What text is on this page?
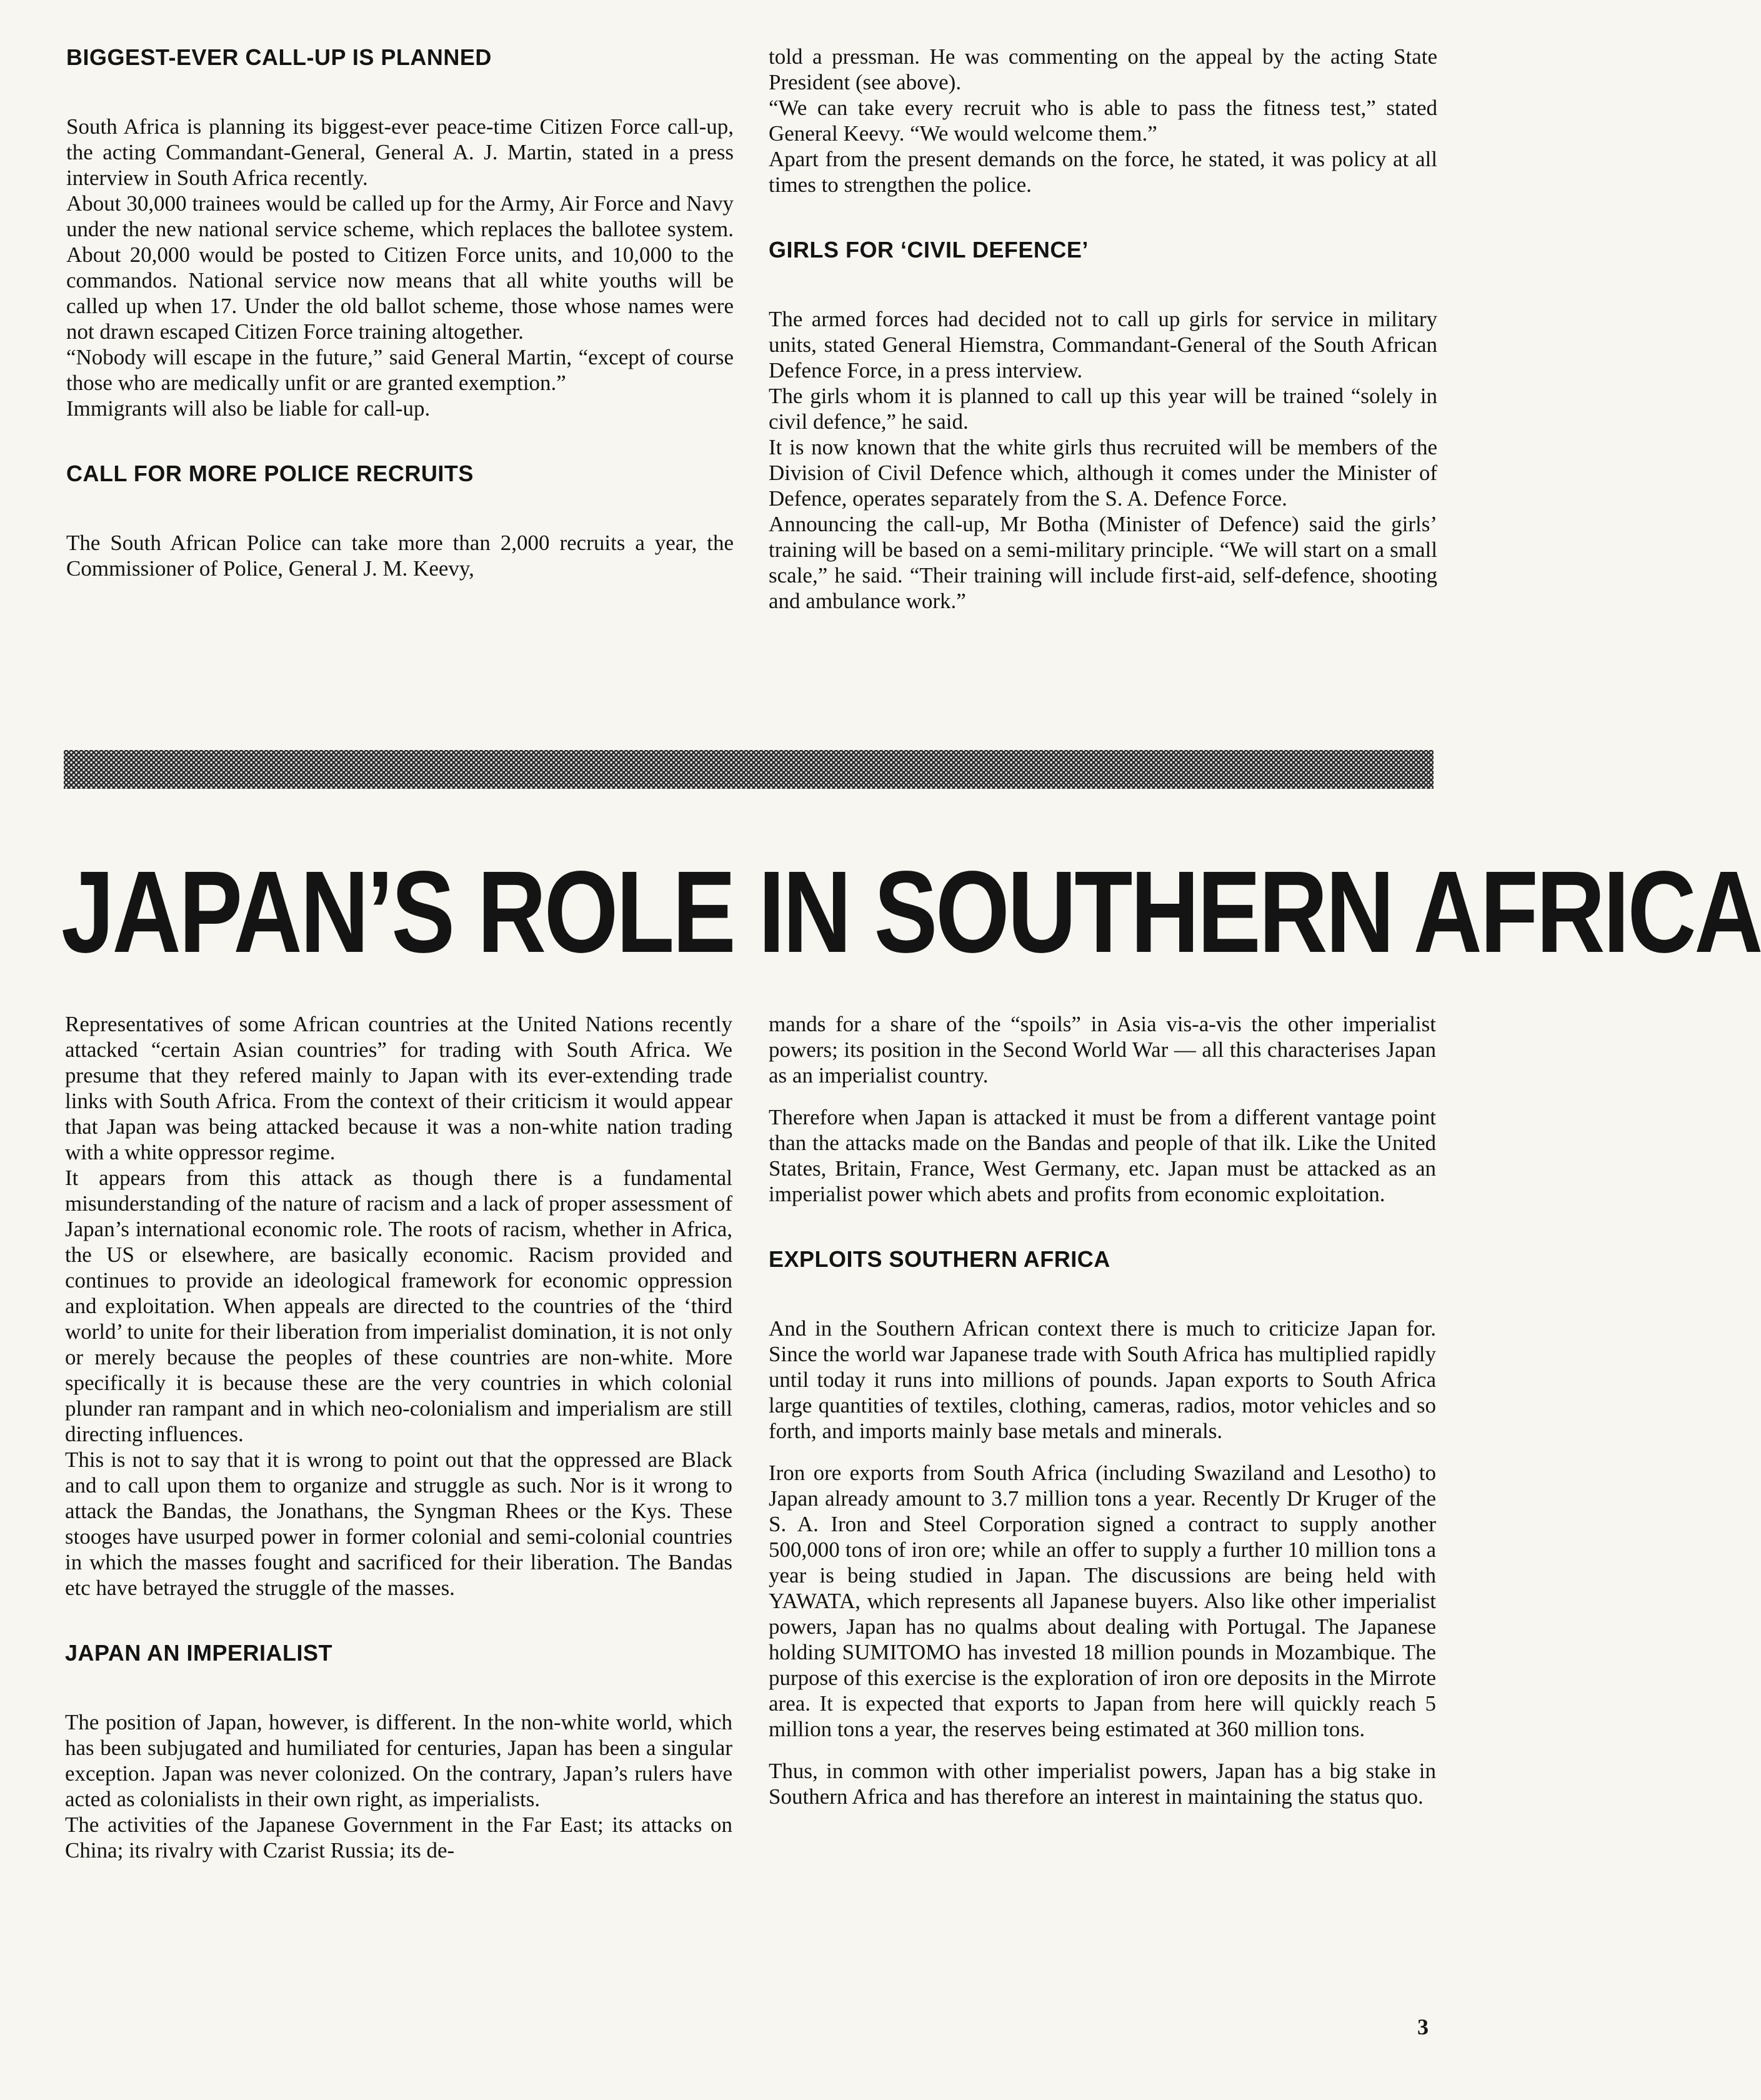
BIGGEST-EVER CALL-UP IS PLANNED

South Africa is planning its biggest-ever peace-time Citizen Force call-up, the acting Commandant-General, General A. J. Martin, stated in a press interview in South Africa recently.

About 30,000 trainees would be called up for the Army, Air Force and Navy under the new national service scheme, which replaces the ballotee system. About 20,000 would be posted to Citizen Force units, and 10,000 to the commandos. National service now means that all white youths will be called up when 17. Under the old ballot scheme, those whose names were not drawn escaped Citizen Force training altogether.

“Nobody will escape in the future,” said General Martin, “except of course those who are medically unfit or are granted exemption.”

Immigrants will also be liable for call-up.

CALL FOR MORE POLICE RECRUITS

The South African Police can take more than 2,000 recruits a year, the Commissioner of Police, General J. M. Keevy,

told a pressman. He was commenting on the appeal by the acting State President (see above).

“We can take every recruit who is able to pass the fitness test,” stated General Keevy. “We would welcome them.”

Apart from the present demands on the force, he stated, it was policy at all times to strengthen the police.

GIRLS FOR ‘CIVIL DEFENCE’

The armed forces had decided not to call up girls for service in military units, stated General Hiemstra, Commandant-General of the South African Defence Force, in a press interview.

The girls whom it is planned to call up this year will be trained “solely in civil defence,” he said.

It is now known that the white girls thus recruited will be members of the Division of Civil Defence which, although it comes under the Minister of Defence, operates separately from the S. A. Defence Force.

Announcing the call-up, Mr Botha (Minister of Defence) said the girls’ training will be based on a semi-military principle. “We will start on a small scale,” he said. “Their training will include first-aid, self-defence, shooting and ambulance work.”

JAPAN’S ROLE IN SOUTHERN AFRICA

Representatives of some African countries at the United Nations recently attacked “certain Asian countries” for trading with South Africa. We presume that they refered mainly to Japan with its ever-extending trade links with South Africa. From the context of their criticism it would appear that Japan was being attacked because it was a non-white nation trading with a white oppressor regime.

It appears from this attack as though there is a fundamental misunderstanding of the nature of racism and a lack of proper assessment of Japan’s international economic role. The roots of racism, whether in Africa, the US or elsewhere, are basically economic. Racism provided and continues to provide an ideological framework for economic oppression and exploitation. When appeals are directed to the countries of the ‘third world’ to unite for their liberation from imperialist domination, it is not only or merely because the peoples of these countries are non-white. More specifically it is because these are the very countries in which colonial plunder ran rampant and in which neo-colonialism and imperialism are still directing influences.

This is not to say that it is wrong to point out that the oppressed are Black and to call upon them to organize and struggle as such. Nor is it wrong to attack the Bandas, the Jonathans, the Syngman Rhees or the Kys. These stooges have usurped power in former colonial and semi-colonial countries in which the masses fought and sacrificed for their liberation. The Bandas etc have betrayed the struggle of the masses.

JAPAN AN IMPERIALIST

The position of Japan, however, is different. In the non-white world, which has been subjugated and humiliated for centuries, Japan has been a singular exception. Japan was never colonized. On the contrary, Japan’s rulers have acted as colonialists in their own right, as imperialists.

The activities of the Japanese Government in the Far East; its attacks on China; its rivalry with Czarist Russia; its de-

mands for a share of the “spoils” in Asia vis-a-vis the other imperialist powers; its position in the Second World War — all this characterises Japan as an imperialist country.

Therefore when Japan is attacked it must be from a different vantage point than the attacks made on the Bandas and people of that ilk. Like the United States, Britain, France, West Germany, etc. Japan must be attacked as an imperialist power which abets and profits from economic exploitation.

EXPLOITS SOUTHERN AFRICA

And in the Southern African context there is much to criticize Japan for. Since the world war Japanese trade with South Africa has multiplied rapidly until today it runs into millions of pounds. Japan exports to South Africa large quantities of textiles, clothing, cameras, radios, motor vehicles and so forth, and imports mainly base metals and minerals.

Iron ore exports from South Africa (including Swaziland and Lesotho) to Japan already amount to 3.7 million tons a year. Recently Dr Kruger of the S. A. Iron and Steel Corporation signed a contract to supply another 500,000 tons of iron ore; while an offer to supply a further 10 million tons a year is being studied in Japan. The discussions are being held with YAWATA, which represents all Japanese buyers. Also like other imperialist powers, Japan has no qualms about dealing with Portugal. The Japanese holding SUMITOMO has invested 18 million pounds in Mozambique. The purpose of this exercise is the exploration of iron ore deposits in the Mirrote area. It is expected that exports to Japan from here will quickly reach 5 million tons a year, the reserves being estimated at 360 million tons.

Thus, in common with other imperialist powers, Japan has a big stake in Southern Africa and has therefore an interest in maintaining the status quo.

3
